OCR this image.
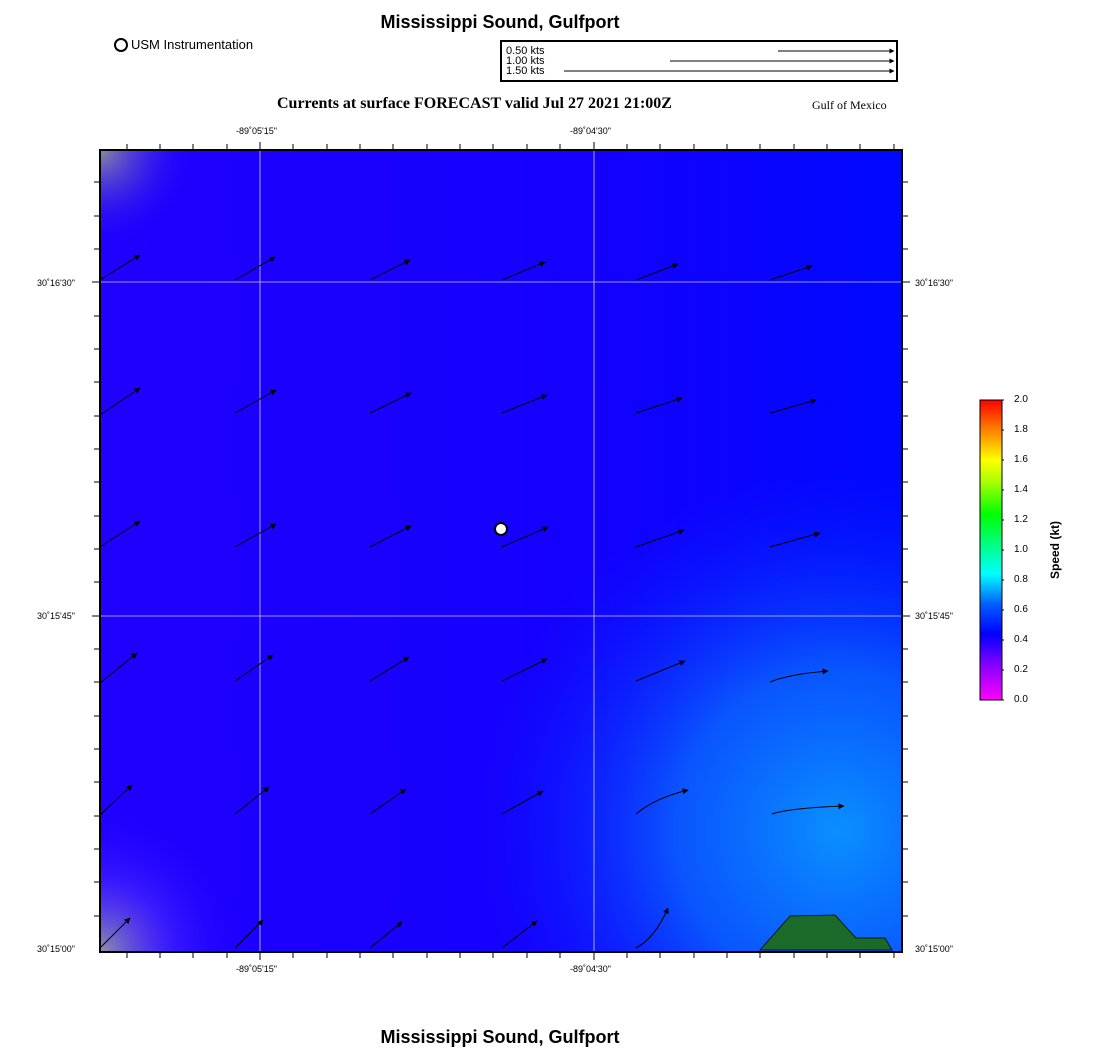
Mississippi Sound, Gulfport
USM Instrumentation	0.50 kts
1.00 kts
1.50 kts
Currents at surface FORECAST valid Jul 27 2021 21:00Z	Gulf of Mexico
-89˚05'15"	-89˚04'30"
-89˚05'15"	-89˚04'30"
30˚16'30"
30˚15'45"
30˚15'00"
30˚16'30"
30˚15'45"
30˚15'00"
2.0
1.8
1.6
1.4
1.2
1.0
0.8
0.6
0.4
0.2
0.0
Speed (kt)
Mississippi Sound, Gulfport
